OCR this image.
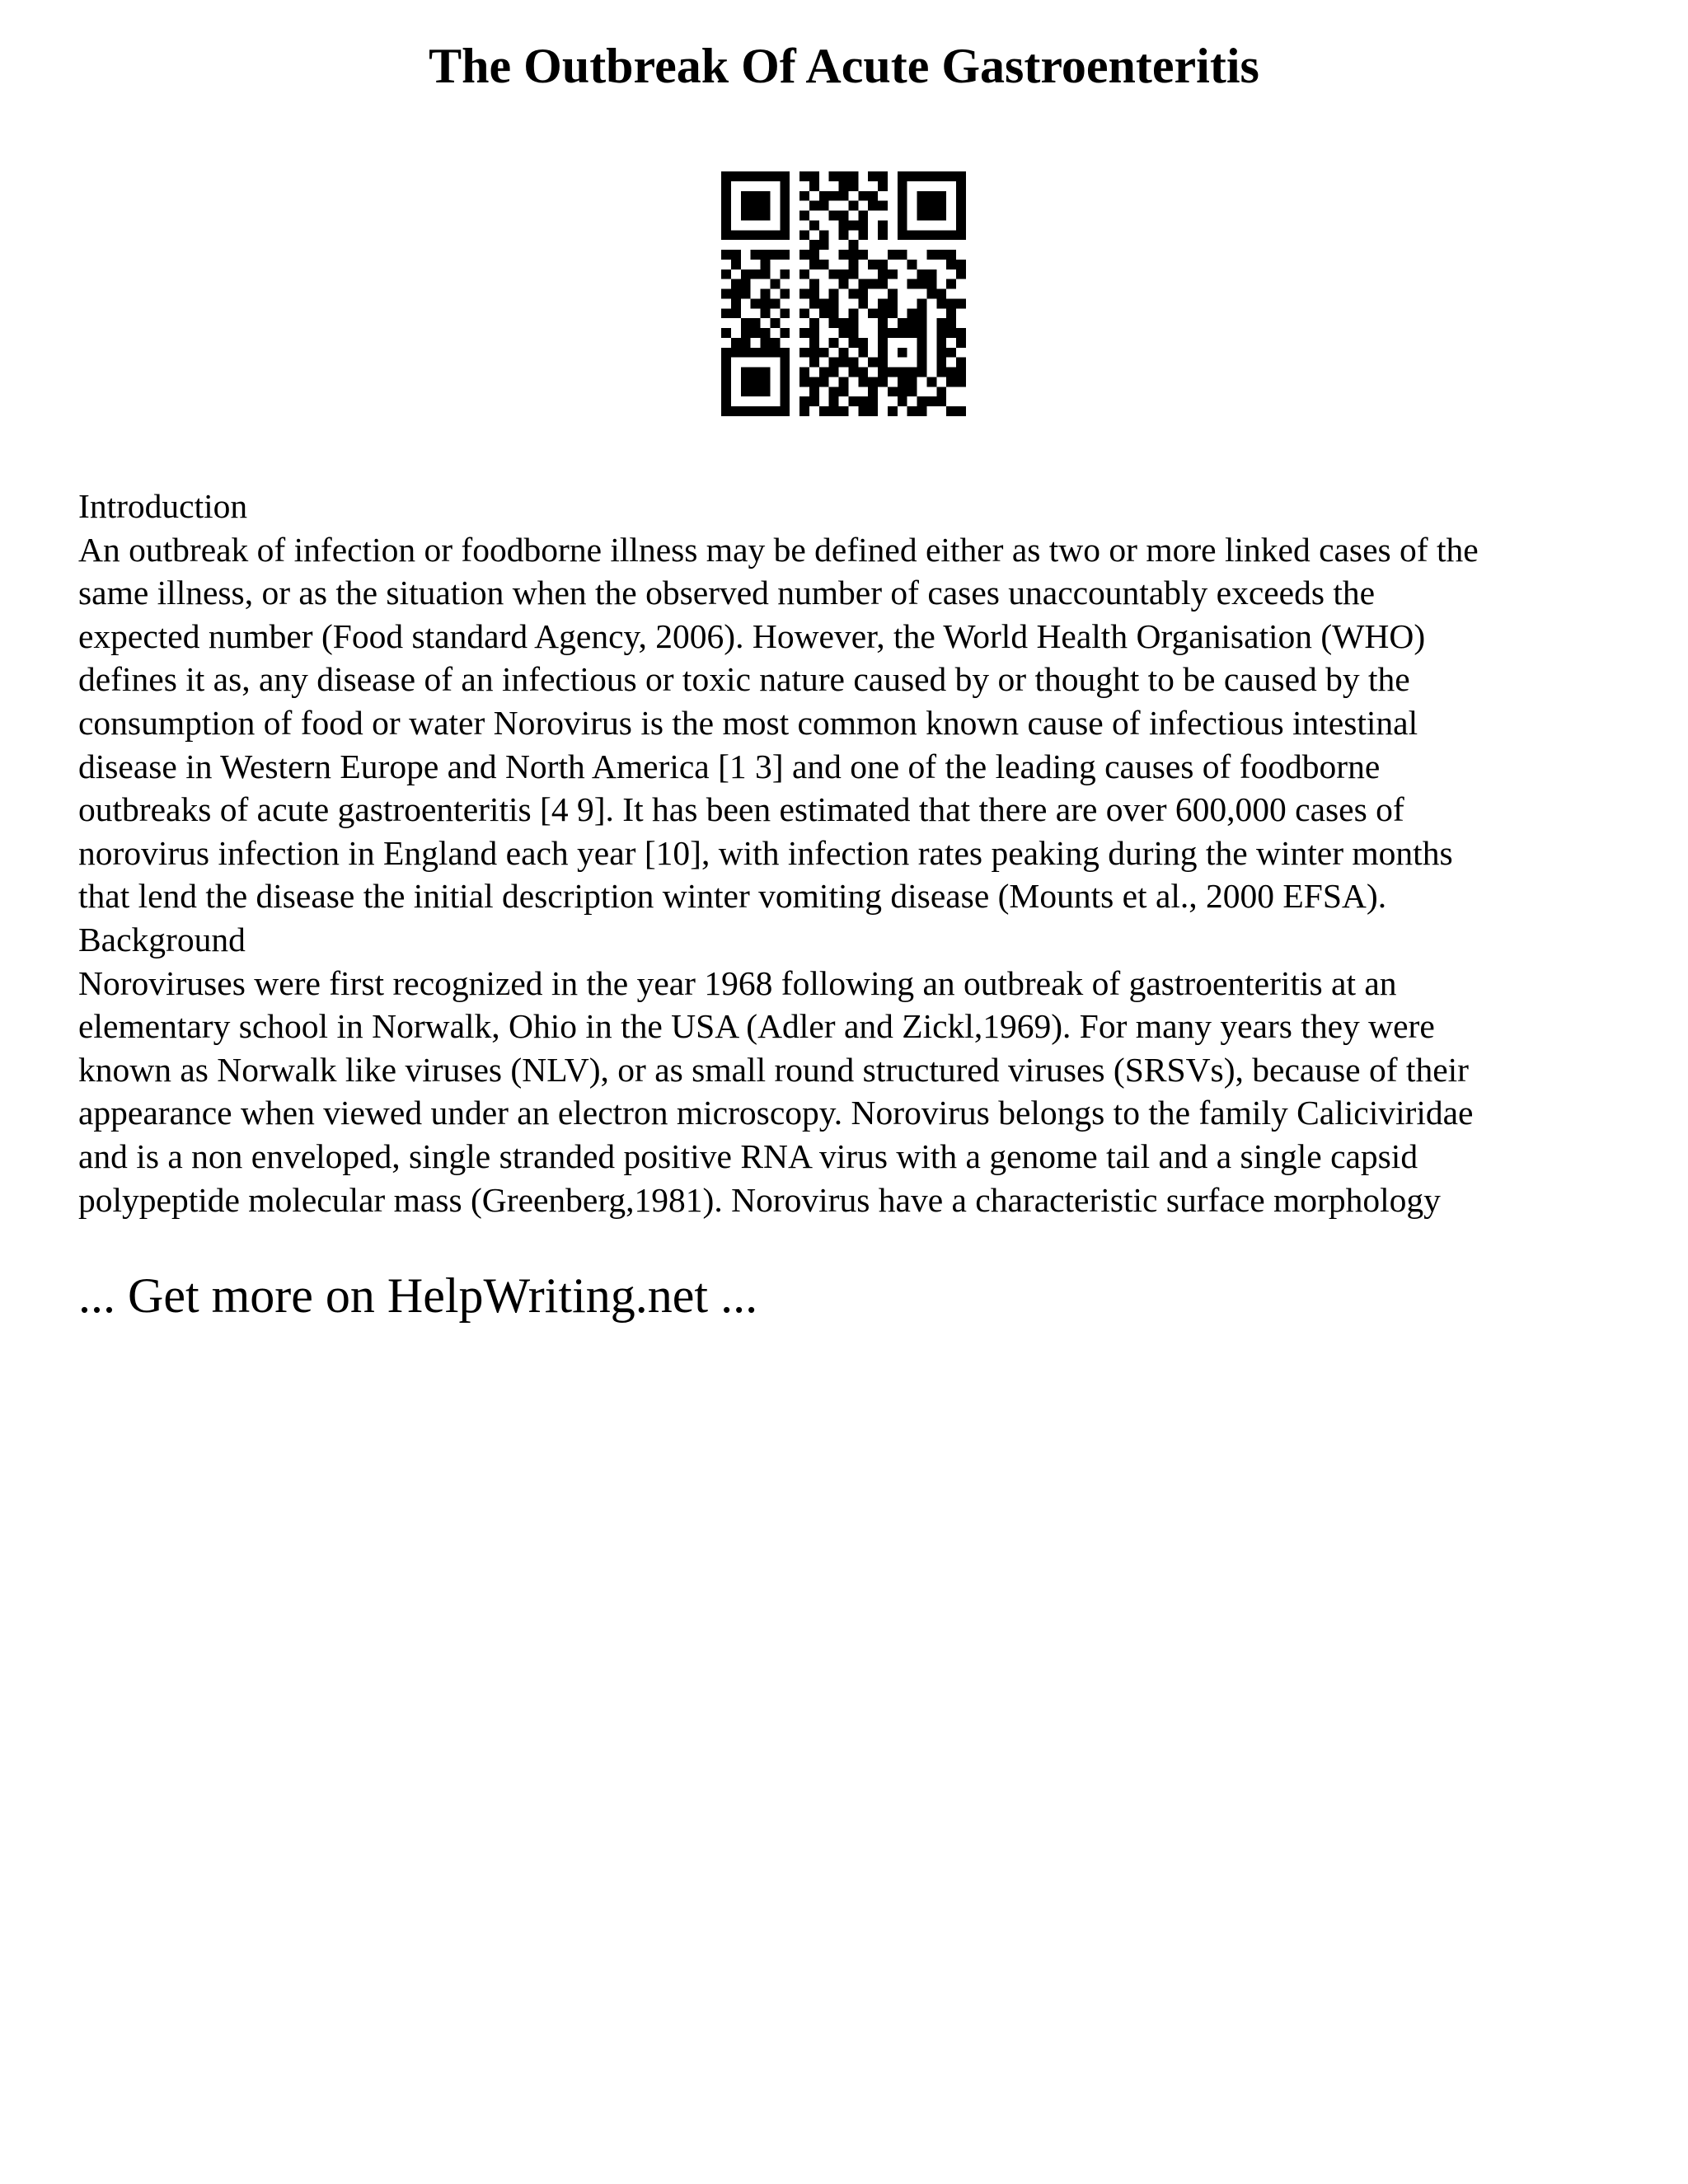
The Outbreak Of Acute Gastroenteritis
Introduction
An outbreak of infection or foodborne illness may be defined either as two or more linked cases of the
same illness, or as the situation when the observed number of cases unaccountably exceeds the
expected number (Food standard Agency, 2006). However, the World Health Organisation (WHO)
defines it as, any disease of an infectious or toxic nature caused by or thought to be caused by the
consumption of food or water Norovirus is the most common known cause of infectious intestinal
disease in Western Europe and North America [1 3] and one of the leading causes of foodborne
outbreaks of acute gastroenteritis [4 9]. It has been estimated that there are over 600,000 cases of
norovirus infection in England each year [10], with infection rates peaking during the winter months
that lend the disease the initial description winter vomiting disease (Mounts et al., 2000 EFSA).
Background
Noroviruses were first recognized in the year 1968 following an outbreak of gastroenteritis at an
elementary school in Norwalk, Ohio in the USA (Adler and Zickl,1969). For many years they were
known as Norwalk like viruses (NLV), or as small round structured viruses (SRSVs), because of their
appearance when viewed under an electron microscopy. Norovirus belongs to the family Caliciviridae
and is a non enveloped, single stranded positive RNA virus with a genome tail and a single capsid
polypeptide molecular mass (Greenberg,1981). Norovirus have a characteristic surface morphology
... Get more on HelpWriting.net ...
